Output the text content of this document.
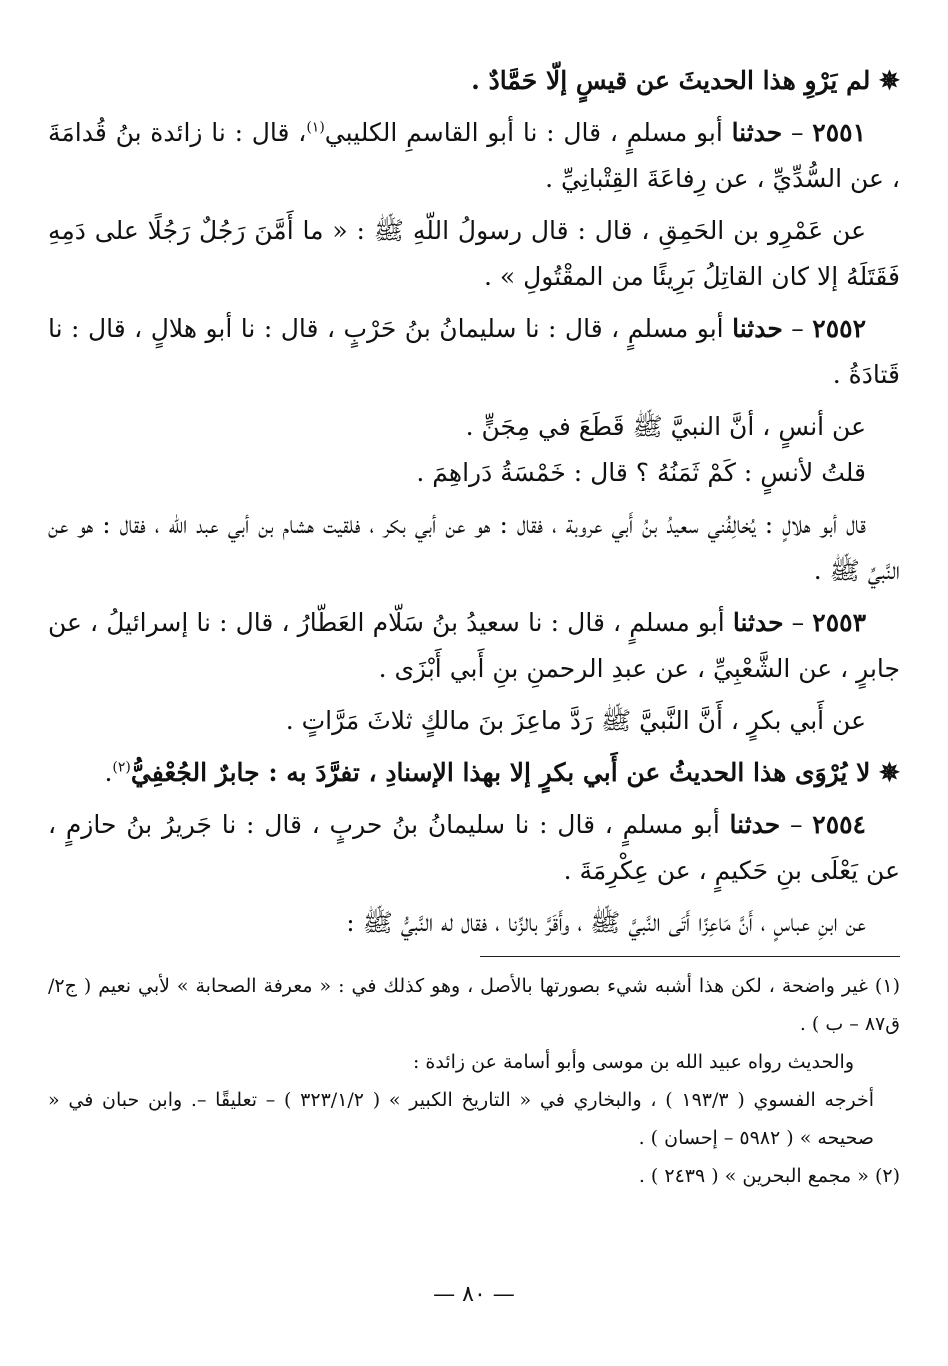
✵ لم يَرْوِ هذا الحديثَ عن قيسٍ إلّا حَمَّادٌ .

٢٥٥١ – حدثنا أبو مسلمٍ ، قال : نا أبو القاسمِ الكليبي$^{(١)}$، قال : نا زائدة بنُ قُدامَةَ ، عن السُّدِّيِّ ، عن رِفاعَةَ القِتْبانِيِّ .

عن عَمْرِو بن الحَمِقِ ، قال : قال رسولُ اللّهِ ﷺ : « ما أَمَّنَ رَجُلٌ رَجُلًا على دَمِهِ فَقَتَلَهُ إلا كان القاتِلُ بَرِيئًا من المقْتُولِ » .

٢٥٥٢ – حدثنا أبو مسلمٍ ، قال : نا سليمانُ بنُ حَرْبٍ ، قال : نا أبو هلالٍ ، قال : نا قَتادَةُ .

عن أنسٍ ، أنَّ النبيَّ ﷺ قَطَعَ في مِجَنٍّ .

قلتُ لأنسٍ : كَمْ ثَمَنُهُ ؟ قال : خَمْسَةُ دَراهِمَ .

قال أبو هلالٍ : يُخالِفُني سعيدُ بنُ أَبي عروبة ، فقال : هو عن أبي بكر ، فلقيت هشام بن أبي عبد الله ، فقال : هو عن النَّبيِّ ﷺ .

٢٥٥٣ – حدثنا أبو مسلمٍ ، قال : نا سعيدُ بنُ سَلّام العَطّارُ ، قال : نا إسرائيلُ ، عن جابرٍ ، عن الشَّعْبِيِّ ، عن عبدِ الرحمنِ بنِ أَبي أَبْزَى .

عن أَبي بكرٍ ، أَنَّ النَّبيَّ ﷺ رَدَّ ماعِزَ بنَ مالكٍ ثلاثَ مَرَّاتٍ .

✵ لا يُرْوَى هذا الحديثُ عن أَبي بكرٍ إلا بهذا الإسنادِ ، تفرَّدَ به : جابرٌ الجُعْفِيُّ$^{(٢)}$.

٢٥٥٤ – حدثنا أبو مسلمٍ ، قال : نا سليمانُ بنُ حربٍ ، قال : نا جَريرُ بنُ حازمٍ ، عن يَعْلَى بنِ حَكيمٍ ، عن عِكْرِمَةَ .

عن ابنِ عباسٍ ، أَنَّ مَاعِزًا أَتَى النَّبيَّ ﷺ ، وأَقَرَّ بالزِّنا ، فقال له النَّبيُّ ﷺ :

(١) غير واضحة ، لكن هذا أشبه شيء بصورتها بالأصل ، وهو كذلك في : « معرفة الصحابة » لأبي نعيم ( ج٢/ق٨٧ – ب ) .

والحديث رواه عبيد الله بن موسى وأبو أسامة عن زائدة :

أخرجه الفسوي ( ١٩٣/٣ ) ، والبخاري في « التاريخ الكبير » ( ٣٢٣/١/٢ ) – تعليقًا –. وابن حبان في « صحيحه » ( ٥٩٨٢ – إحسان ) .

(٢) « مجمع البحرين » ( ٢٤٣٩ ) .

— ٨٠ —
